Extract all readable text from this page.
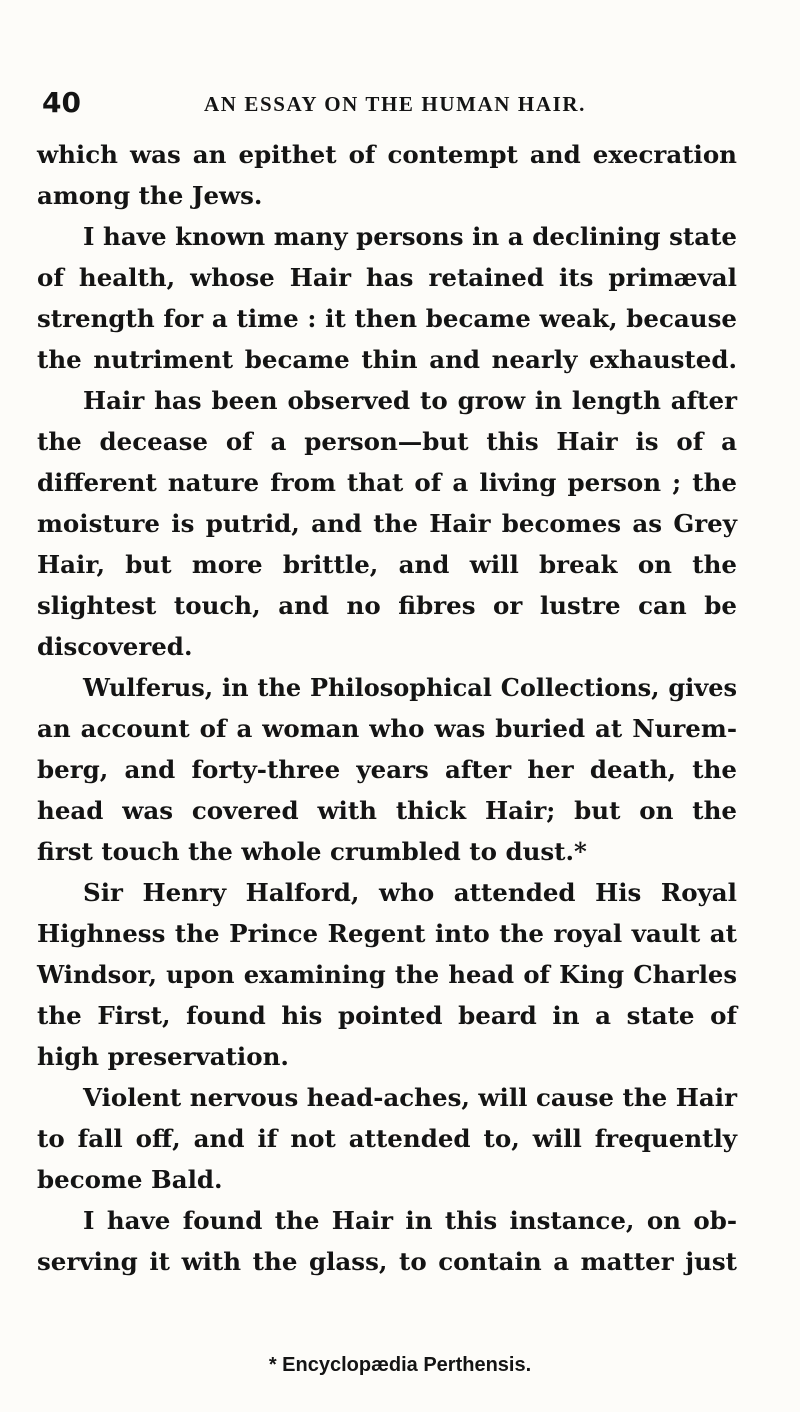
40	AN ESSAY ON THE HUMAN HAIR.
which was an epithet of contempt and execration
among the Jews.
I have known many persons in a declining state
of health, whose Hair has retained its primæval
strength for a time : it then became weak, because
the nutriment became thin and nearly exhausted.
Hair has been observed to grow in length after
the decease of a person—but this Hair is of a
different nature from that of a living person ; the
moisture is putrid, and the Hair becomes as Grey
Hair, but more brittle, and will break on the
slightest touch, and no fibres or lustre can be
discovered.
Wulferus, in the Philosophical Collections, gives
an account of a woman who was buried at Nurem-
berg, and forty-three years after her death, the
head was covered with thick Hair; but on the
first touch the whole crumbled to dust.*
Sir Henry Halford, who attended His Royal
Highness the Prince Regent into the royal vault at
Windsor, upon examining the head of King Charles
the First, found his pointed beard in a state of
high preservation.
Violent nervous head-aches, will cause the Hair
to fall off, and if not attended to, will frequently
become Bald.
I have found the Hair in this instance, on ob-
serving it with the glass, to contain a matter just
* Encyclopædia Perthensis.
